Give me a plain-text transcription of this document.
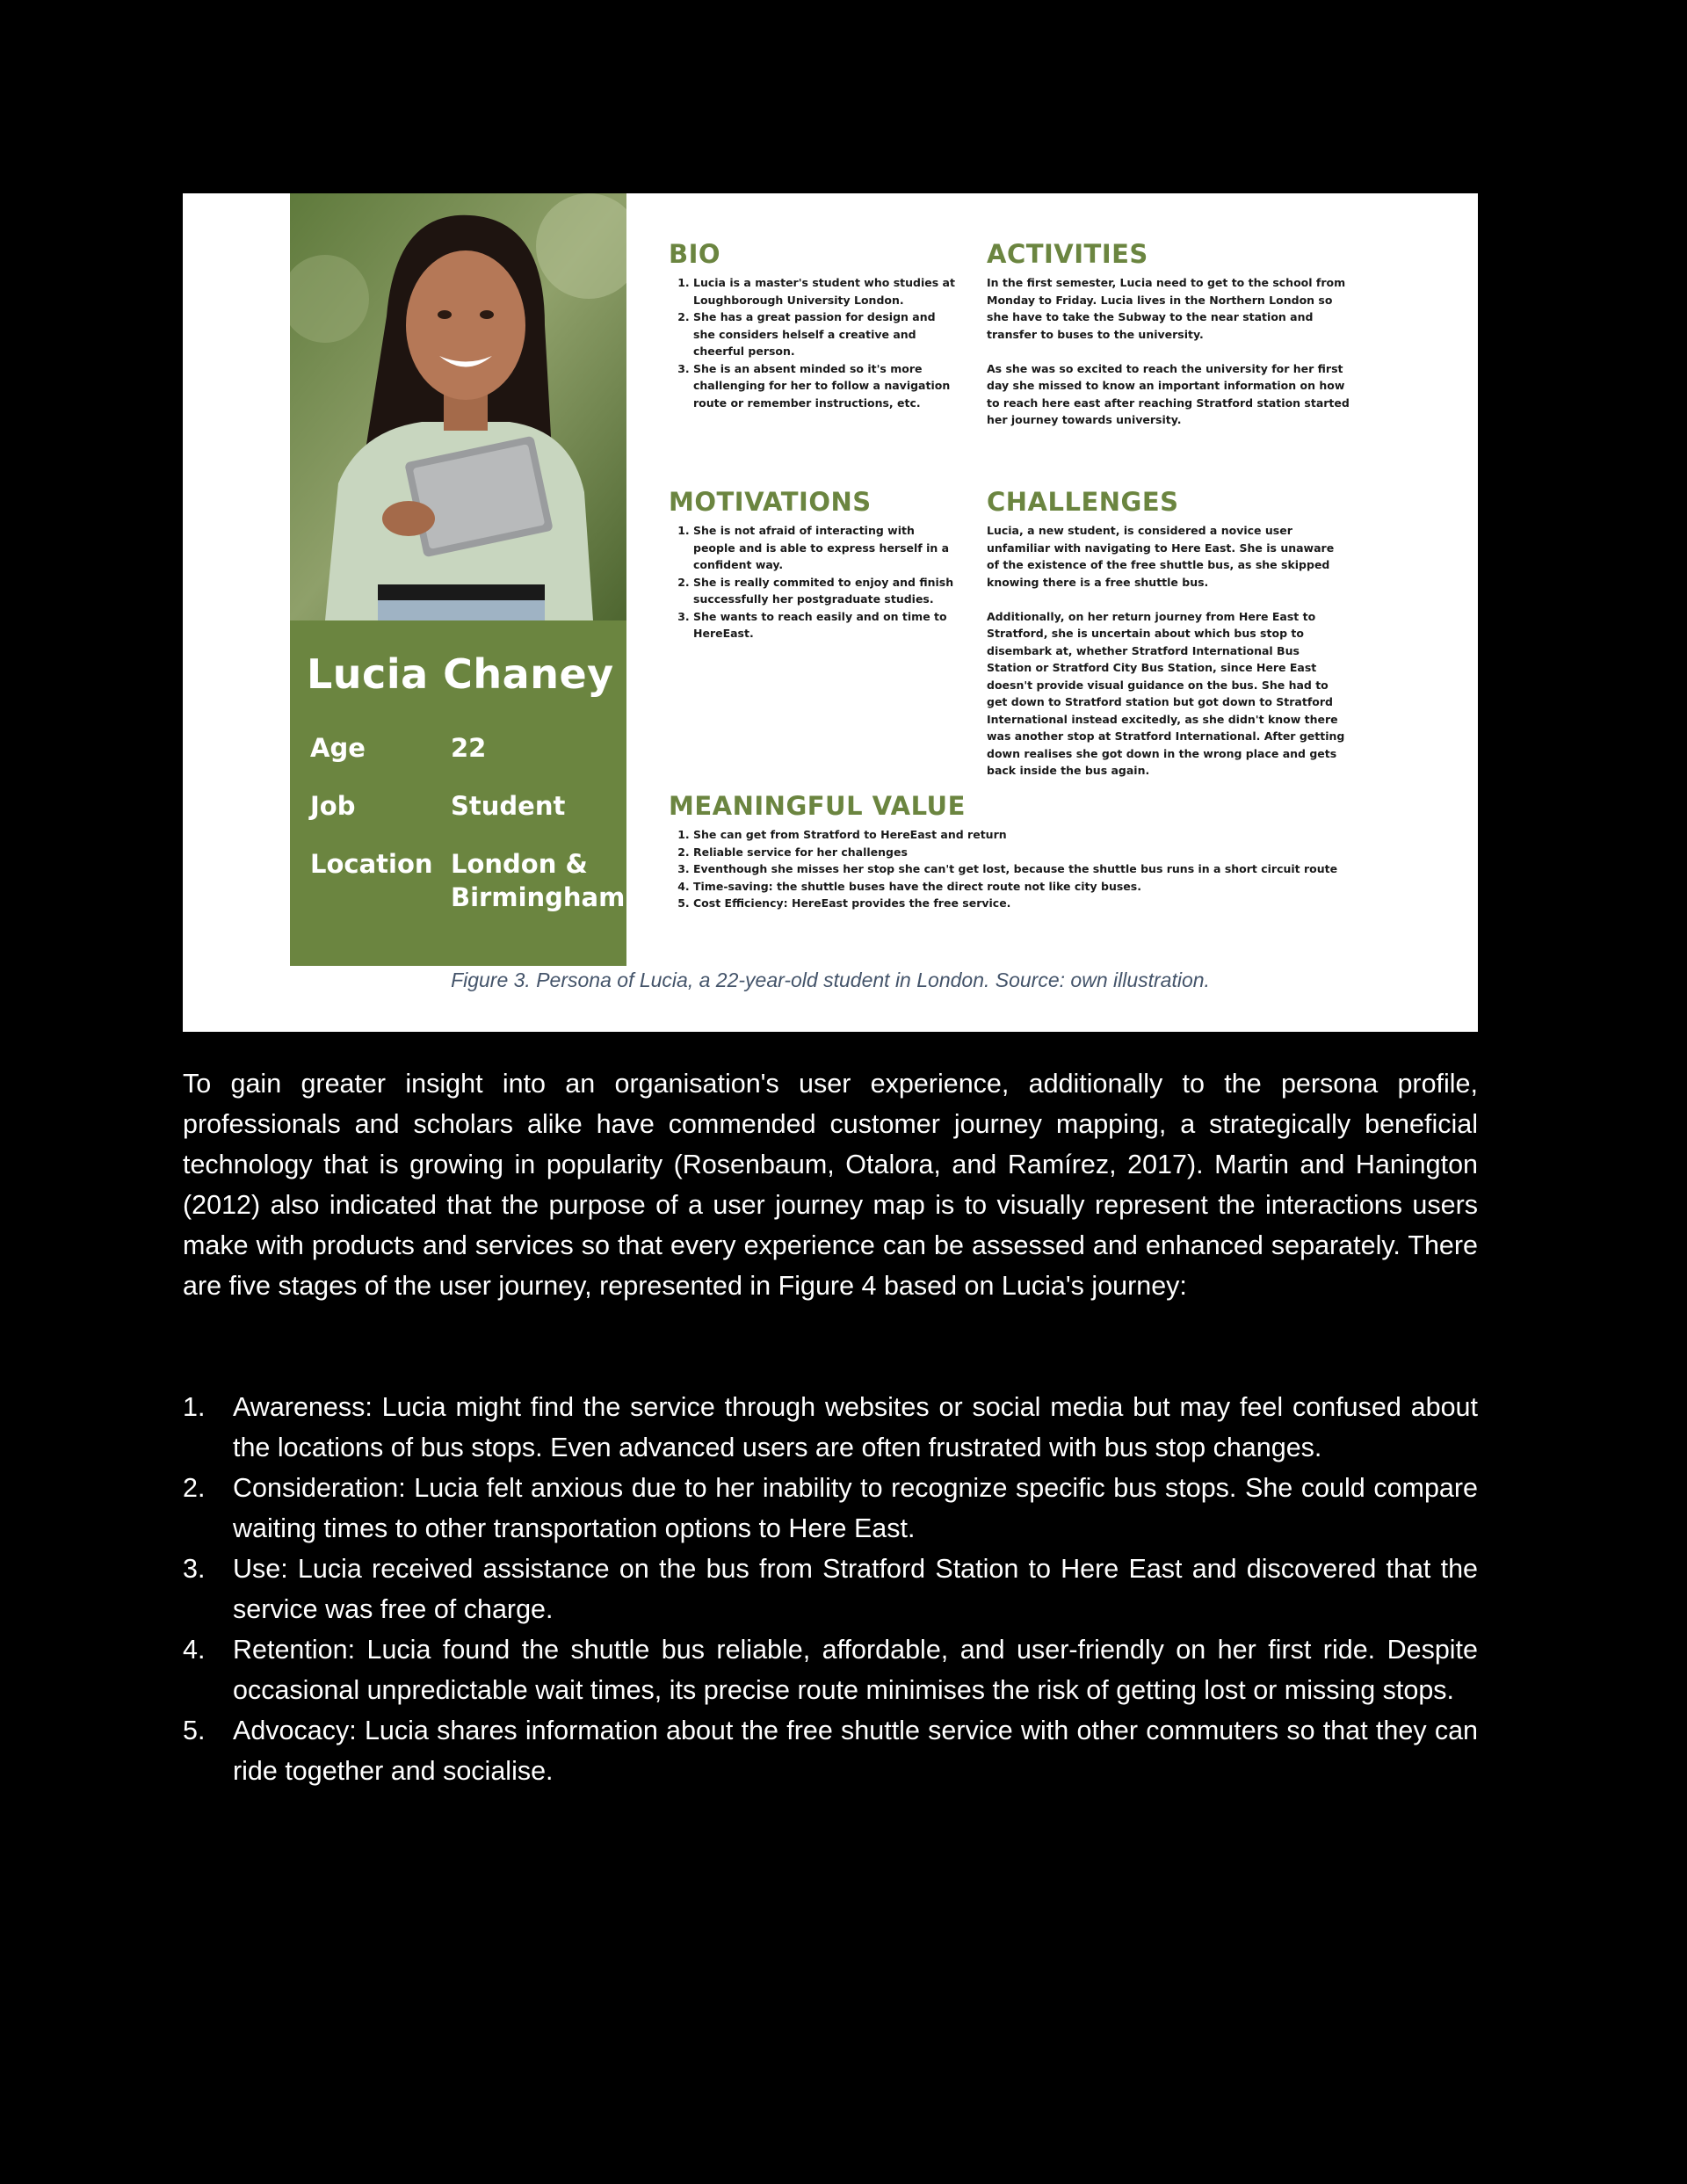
Lucia Chaney
Age	22
Job	Student
Location London & Birmingham
BIO
1. Lucia is a master's student who studies at Loughborough University London.
2. She has a great passion for design and she considers helself a creative and cheerful person.
3. She is an absent minded so it's more challenging for her to follow a navigation route or remember instructions, etc.
ACTIVITIES

In the first semester, Lucia need to get to the school from Monday to Friday. Lucia lives in the Northern London so she have to take the Subway to the near station and transfer to buses to the university.

As she was so excited to reach the university for her first day she missed to know an important information on how to reach here east after reaching Stratford station started her journey towards university.

MOTIVATIONS
1. She is not afraid of interacting with people and is able to express herself in a confident way.
2. She is really commited to enjoy and finish successfully her postgraduate studies.
3. She wants to reach easily and on time to HereEast.
CHALLENGES

Lucia, a new student, is considered a novice user unfamiliar with navigating to Here East. She is unaware of the existence of the free shuttle bus, as she skipped knowing there is a free shuttle bus.

Additionally, on her return journey from Here East to Stratford, she is uncertain about which bus stop to disembark at, whether Stratford International Bus Station or Stratford City Bus Station, since Here East doesn't provide visual guidance on the bus. She had to get down to Stratford station but got down to Stratford International instead excitedly, as she didn't know there was another stop at Stratford International. After getting down realises she got down in the wrong place and gets back inside the bus again.

MEANINGFUL VALUE
1. She can get from Stratford to HereEast and return
2. Reliable service for her challenges
3. Eventhough she misses her stop she can't get lost, because the shuttle bus runs in a short circuit route
4. Time-saving: the shuttle buses have the direct route not like city buses.
5. Cost Efficiency: HereEast provides the free service.
Figure 3. Persona of Lucia, a 22-year-old student in London. Source: own illustration.
To gain greater insight into an organisation's user experience, additionally to the persona profile, professionals and scholars alike have commended customer journey mapping, a strategically beneficial technology that is growing in popularity (Rosenbaum, Otalora, and Ramírez, 2017). Martin and Hanington (2012) also indicated that the purpose of a user journey map is to visually represent the interactions users make with products and services so that every experience can be assessed and enhanced separately. There are five stages of the user journey, represented in Figure 4 based on Lucia's journey:
1. Awareness: Lucia might find the service through websites or social media but may feel confused about the locations of bus stops. Even advanced users are often frustrated with bus stop changes.
2. Consideration: Lucia felt anxious due to her inability to recognize specific bus stops. She could compare waiting times to other transportation options to Here East.
3. Use: Lucia received assistance on the bus from Stratford Station to Here East and discovered that the service was free of charge.
4. Retention: Lucia found the shuttle bus reliable, affordable, and user-friendly on her first ride. Despite occasional unpredictable wait times, its precise route minimises the risk of getting lost or missing stops.
5. Advocacy: Lucia shares information about the free shuttle service with other commuters so that they can ride together and socialise.
